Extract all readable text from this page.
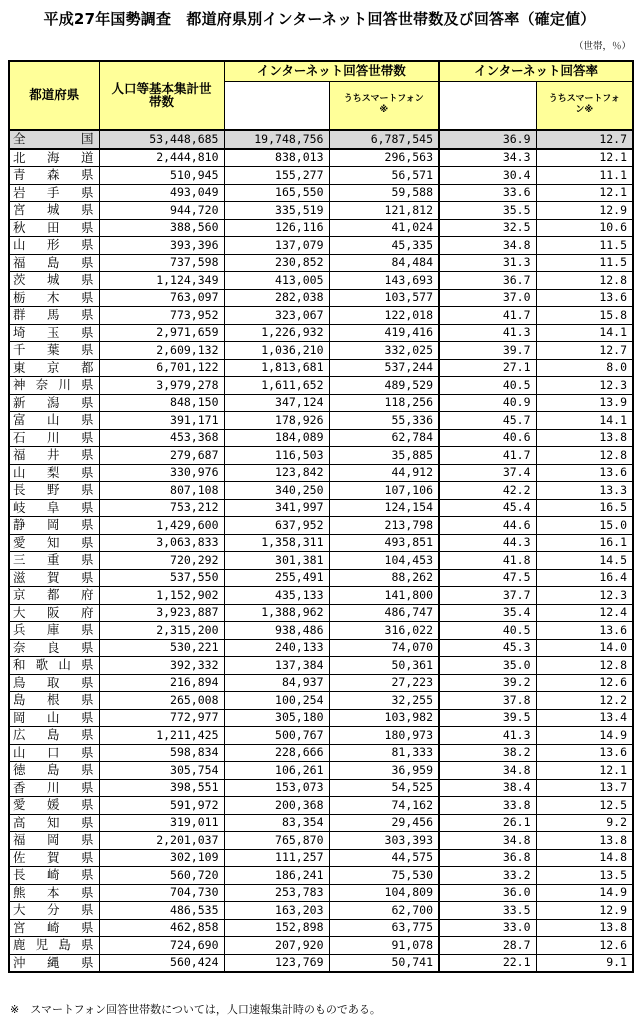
平成27年国勢調査　都道府県別インターネット回答世帯数及び回答率（確定値）
（世帯，％）
都道府県	人口等基本集計世帯数	インターネット回答世帯数		インターネット回答率	
			うちスマートフォン※		うちスマートフォン※
全国	53,448,685	19,748,756	6,787,545	36.9	12.7
北海道	2,444,810	838,013	296,563	34.3	12.1
青森県	510,945	155,277	56,571	30.4	11.1
岩手県	493,049	165,550	59,588	33.6	12.1
宮城県	944,720	335,519	121,812	35.5	12.9
秋田県	388,560	126,116	41,024	32.5	10.6
山形県	393,396	137,079	45,335	34.8	11.5
福島県	737,598	230,852	84,484	31.3	11.5
茨城県	1,124,349	413,005	143,693	36.7	12.8
栃木県	763,097	282,038	103,577	37.0	13.6
群馬県	773,952	323,067	122,018	41.7	15.8
埼玉県	2,971,659	1,226,932	419,416	41.3	14.1
千葉県	2,609,132	1,036,210	332,025	39.7	12.7
東京都	6,701,122	1,813,681	537,244	27.1	8.0
神奈川県	3,979,278	1,611,652	489,529	40.5	12.3
新潟県	848,150	347,124	118,256	40.9	13.9
富山県	391,171	178,926	55,336	45.7	14.1
石川県	453,368	184,089	62,784	40.6	13.8
福井県	279,687	116,503	35,885	41.7	12.8
山梨県	330,976	123,842	44,912	37.4	13.6
長野県	807,108	340,250	107,106	42.2	13.3
岐阜県	753,212	341,997	124,154	45.4	16.5
静岡県	1,429,600	637,952	213,798	44.6	15.0
愛知県	3,063,833	1,358,311	493,851	44.3	16.1
三重県	720,292	301,381	104,453	41.8	14.5
滋賀県	537,550	255,491	88,262	47.5	16.4
京都府	1,152,902	435,133	141,800	37.7	12.3
大阪府	3,923,887	1,388,962	486,747	35.4	12.4
兵庫県	2,315,200	938,486	316,022	40.5	13.6
奈良県	530,221	240,133	74,070	45.3	14.0
和歌山県	392,332	137,384	50,361	35.0	12.8
鳥取県	216,894	84,937	27,223	39.2	12.6
島根県	265,008	100,254	32,255	37.8	12.2
岡山県	772,977	305,180	103,982	39.5	13.4
広島県	1,211,425	500,767	180,973	41.3	14.9
山口県	598,834	228,666	81,333	38.2	13.6
徳島県	305,754	106,261	36,959	34.8	12.1
香川県	398,551	153,073	54,525	38.4	13.7
愛媛県	591,972	200,368	74,162	33.8	12.5
高知県	319,011	83,354	29,456	26.1	9.2
福岡県	2,201,037	765,870	303,393	34.8	13.8
佐賀県	302,109	111,257	44,575	36.8	14.8
長崎県	560,720	186,241	75,530	33.2	13.5
熊本県	704,730	253,783	104,809	36.0	14.9
大分県	486,535	163,203	62,700	33.5	12.9
宮崎県	462,858	152,898	63,775	33.0	13.8
鹿児島県	724,690	207,920	91,078	28.7	12.6
沖縄県	560,424	123,769	50,741	22.1	9.1
※　スマートフォン回答世帯数については，人口速報集計時のものである。
